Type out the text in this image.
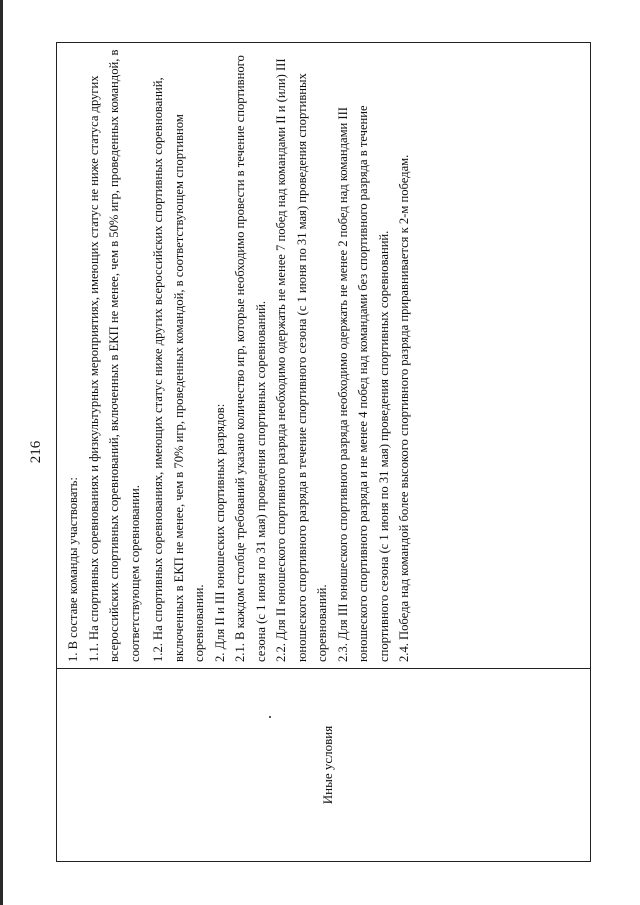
216
Иные условия

1. В составе команды участвовать: 1.1. На спортивных соревнованиях и физкультурных мероприятиях, имеющих статус не ниже статуса других всероссийских спортивных соревнований, включенных в ЕКП не менее, чем в 50% игр, проведенных командой, в соответствующем соревновании. 1.2. На спортивных соревнованиях, имеющих статус ниже других всероссийских спортивных соревнований, включенных в ЕКП не менее, чем в 70% игр, проведенных командой, в соответствующем спортивном соревновании. 2. Для II и III юношеских спортивных разрядов: 2.1. В каждом столбце требований указано количество игр, которые необходимо провести в течение спортивного сезона (с 1 июня по 31 мая) проведения спортивных соревнований. 2.2. Для II юношеского спортивного разряда необходимо одержать не менее 7 побед над командами II и (или) III юношеского спортивного разряда в течение спортивного сезона (с 1 июня по 31 мая) проведения спортивных соревнований. 2.3. Для III юношеского спортивного разряда необходимо одержать не менее 2 побед над командами III юношеского спортивного разряда и не менее 4 побед над командами без спортивного разряда в течение спортивного сезона (с 1 июня по 31 мая) проведения спортивных соревнований. 2.4. Победа над командой более высокого спортивного разряда приравнивается к 2-м победам.
